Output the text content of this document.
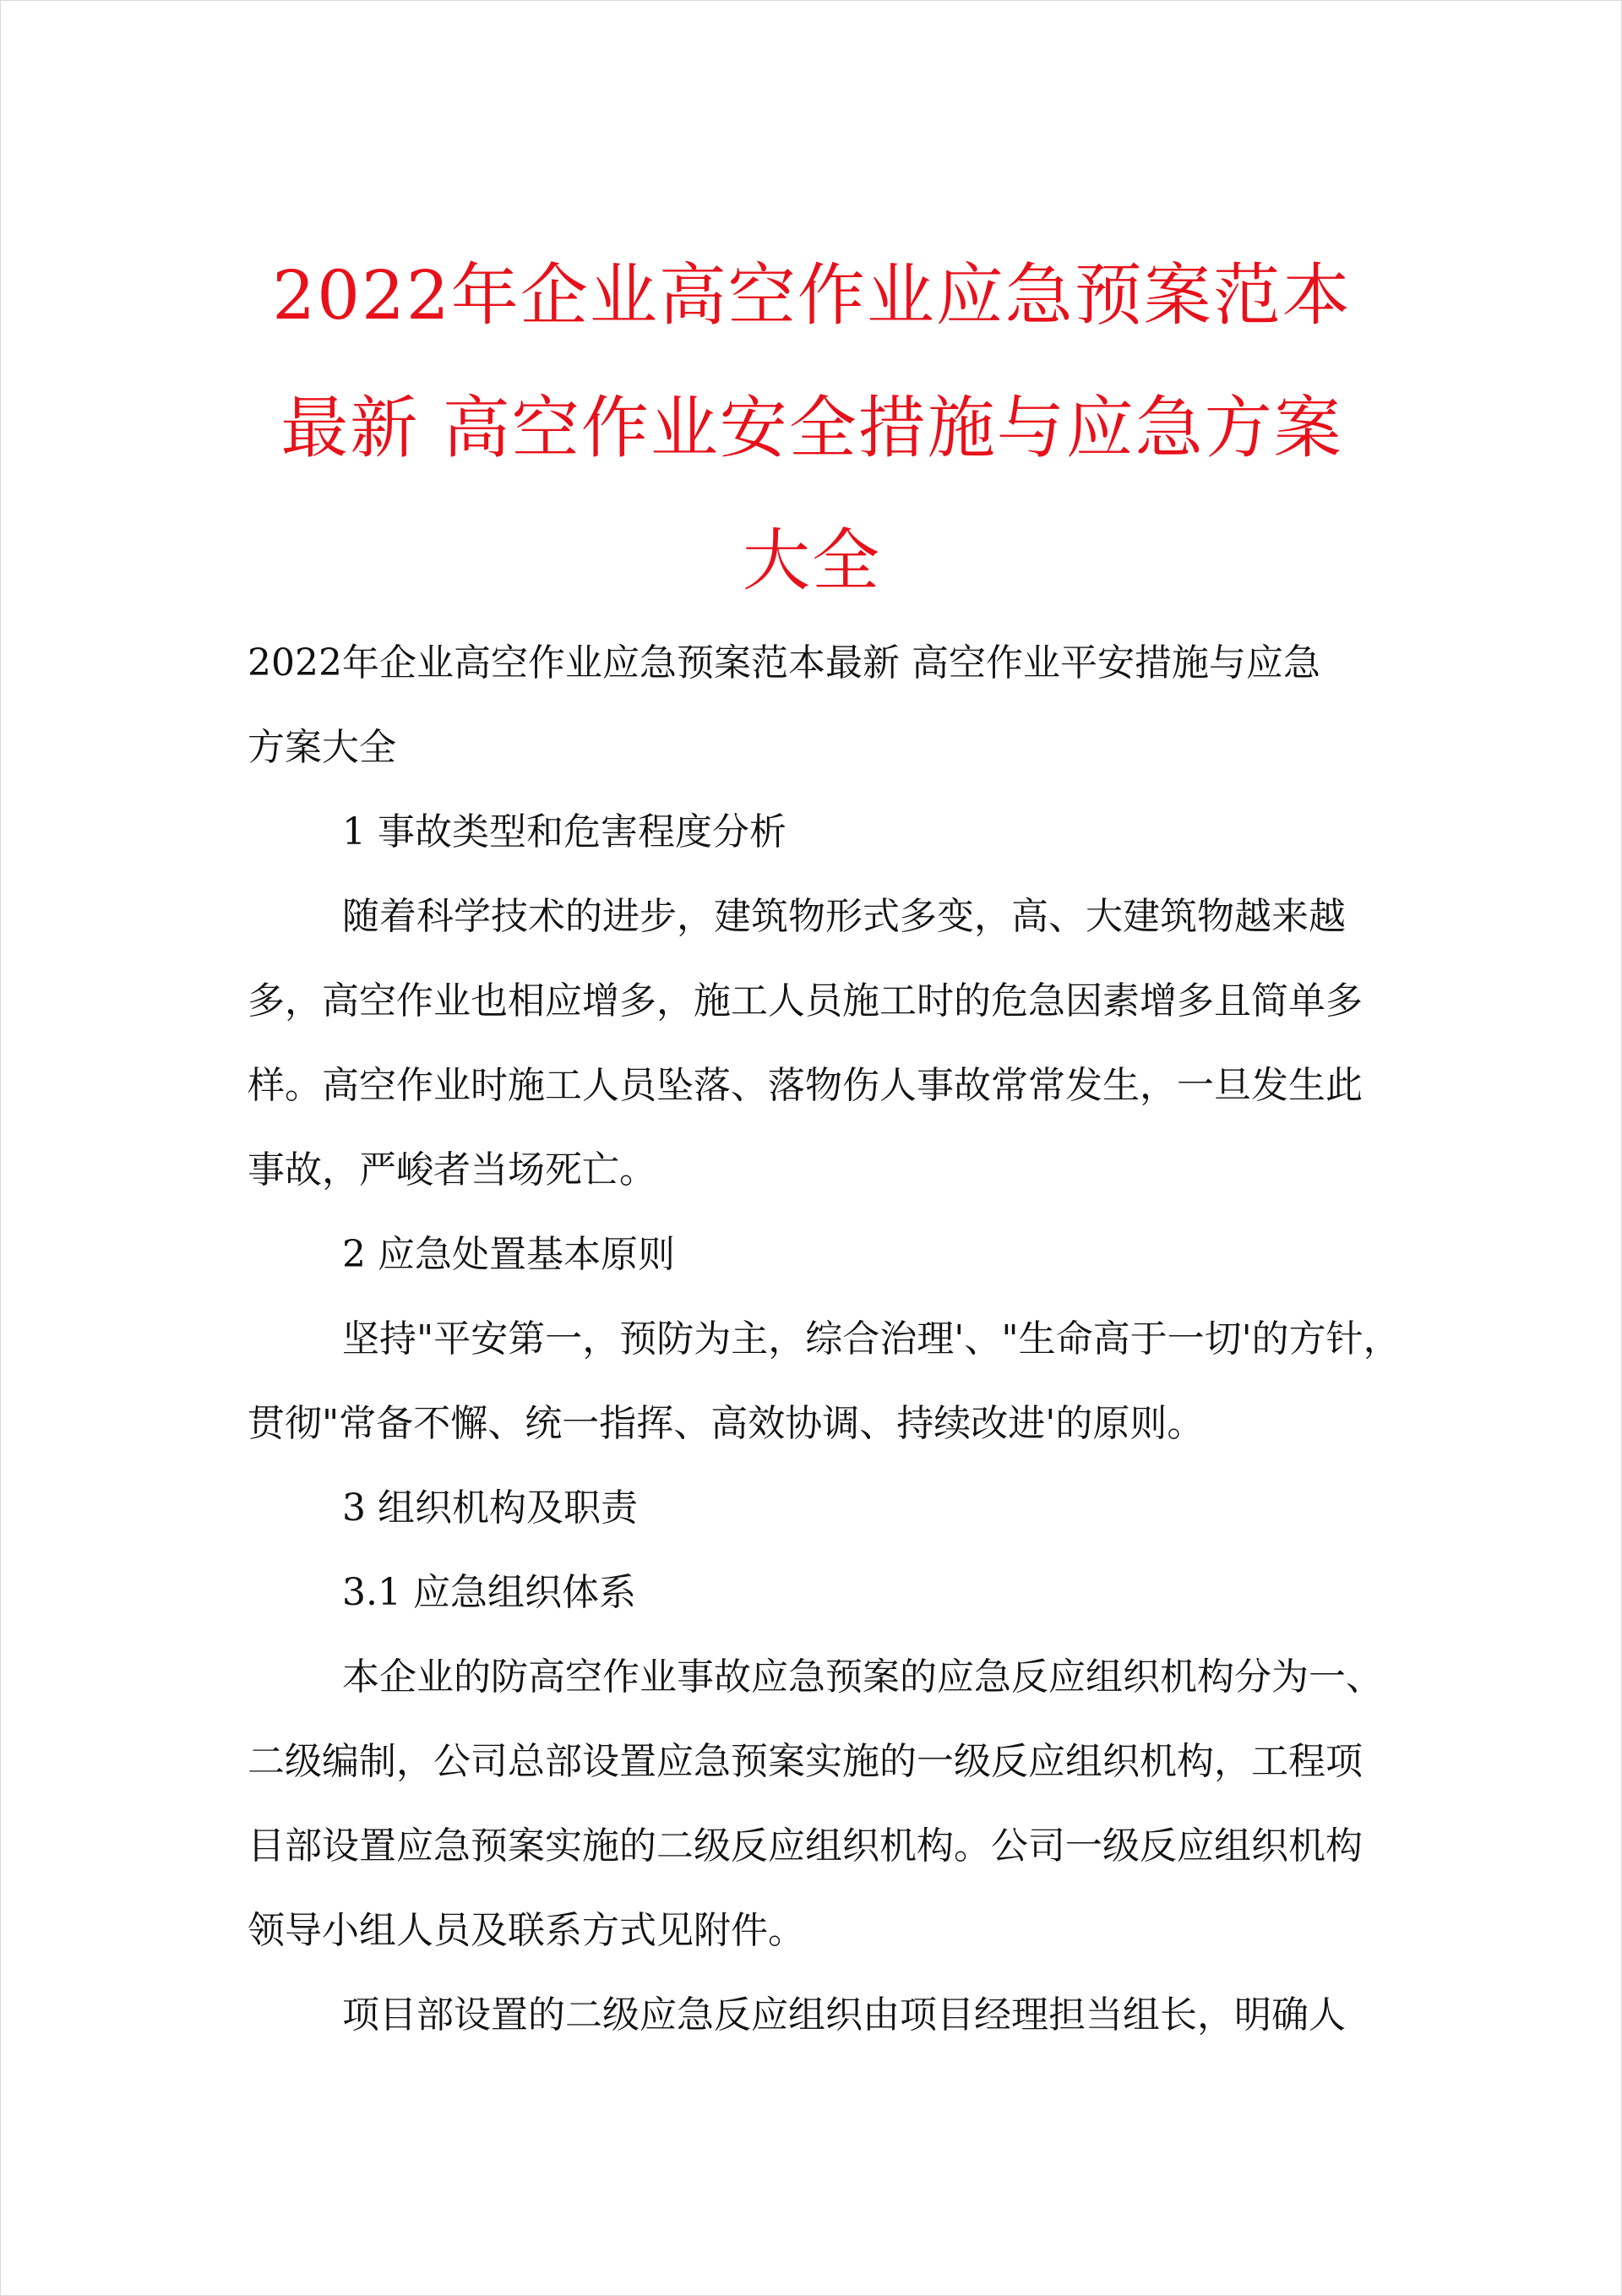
2022年企业高空作业应急预案范本
最新 高空作业安全措施与应急方案
大全

2022年企业高空作业应急预案范本最新 高空作业平安措施与应急

方案大全

1 事故类型和危害程度分析

随着科学技术的进步，建筑物形式多变，高、大建筑物越来越

多，高空作业也相应增多，施工人员施工时的危急因素增多且简单多

样。高空作业时施工人员坠落、落物伤人事故常常发生，一旦发生此

事故，严峻者当场死亡。

2 应急处置基本原则

坚持"平安第一，预防为主，综合治理'、"生命高于一切'的方针，

贯彻"常备不懈、统一指挥、高效协调、持续改进'的原则。

3 组织机构及职责

3.1 应急组织体系

本企业的防高空作业事故应急预案的应急反应组织机构分为一、

二级编制，公司总部设置应急预案实施的一级反应组织机构，工程项

目部设置应急预案实施的二级反应组织机构。公司一级反应组织机构

领导小组人员及联系方式见附件。

项目部设置的二级应急反应组织由项目经理担当组长，明确人
